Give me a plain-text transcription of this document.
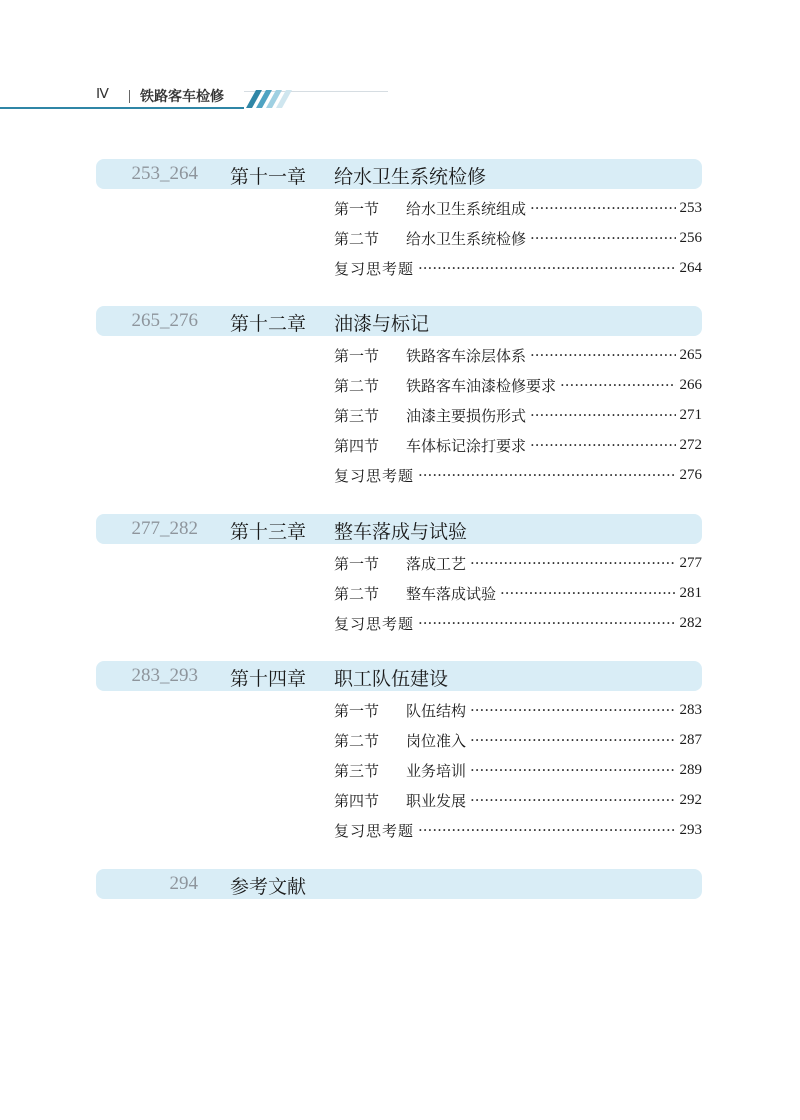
Ⅳ 铁路客车检修
253_264 第十一章 给水卫生系统检修
第一节	给水卫生系统组成 ·····	253
第二节	给水卫生系统检修 ·····	256
复习思考题 ·····	264
265_276 第十二章 油漆与标记
第一节	铁路客车涂层体系 ·····	265
第二节	铁路客车油漆检修要求 ·····	266
第三节	油漆主要损伤形式 ·····	271
第四节	车体标记涂打要求 ·····	272
复习思考题 ·····	276
277_282 第十三章 整车落成与试验
第一节	落成工艺 ·····	277
第二节	整车落成试验 ·····	281
复习思考题 ·····	282
283_293 第十四章 职工队伍建设
第一节	队伍结构 ·····	283
第二节	岗位准入 ·····	287
第三节	业务培训 ·····	289
第四节	职业发展 ·····	292
复习思考题 ·····	293
294 参考文献
